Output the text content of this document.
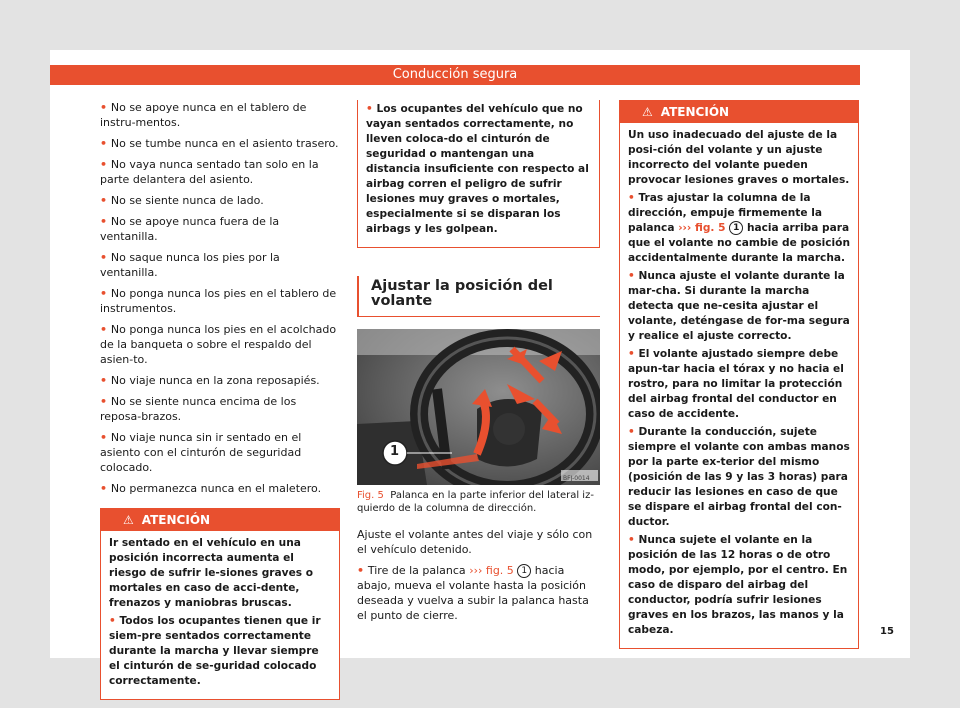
Conducción segura
• No se apoye nunca en el tablero de instru-mentos.
• No se tumbe nunca en el asiento trasero.
• No vaya nunca sentado tan solo en la parte delantera del asiento.
• No se siente nunca de lado.
• No se apoye nunca fuera de la ventanilla.
• No saque nunca los pies por la ventanilla.
• No ponga nunca los pies en el tablero de instrumentos.
• No ponga nunca los pies en el acolchado de la banqueta o sobre el respaldo del asien-to.
• No viaje nunca en la zona reposapiés.
• No se siente nunca encima de los reposa-brazos.
• No viaje nunca sin ir sentado en el asiento con el cinturón de seguridad colocado.
• No permanezca nunca en el maletero.
⚠ ATENCIÓN

Ir sentado en el vehículo en una posición incorrecta aumenta el riesgo de sufrir le-siones graves o mortales en caso de acci-dente, frenazos y maniobras bruscas.

• Todos los ocupantes tienen que ir siem-pre sentados correctamente durante la marcha y llevar siempre el cinturón de se-guridad colocado correctamente.

• Los ocupantes del vehículo que no vayan sentados correctamente, no lleven coloca-do el cinturón de seguridad o mantengan una distancia insuficiente con respecto al airbag corren el peligro de sufrir lesiones muy graves o mortales, especialmente si se disparan los airbags y les golpean.

Ajustar la posición del volante
1
BFJ-0014
Fig. 5 Palanca en la parte inferior del lateral iz-quierdo de la columna de dirección.

Ajuste el volante antes del viaje y sólo con el vehículo detenido.

• Tire de la palanca ››› fig. 5 1 hacia abajo, mueva el volante hasta la posición deseada y vuelva a subir la palanca hasta el punto de cierre.
⚠ ATENCIÓN

Un uso inadecuado del ajuste de la posi-ción del volante y un ajuste incorrecto del volante pueden provocar lesiones graves o mortales.

• Tras ajustar la columna de la dirección, empuje firmemente la palanca ››› fig. 5 1 hacia arriba para que el volante no cambie de posición accidentalmente durante la marcha.

• Nunca ajuste el volante durante la mar-cha. Si durante la marcha detecta que ne-cesita ajustar el volante, deténgase de for-ma segura y realice el ajuste correcto.

• El volante ajustado siempre debe apun-tar hacia el tórax y no hacia el rostro, para no limitar la protección del airbag frontal del conductor en caso de accidente.

• Durante la conducción, sujete siempre el volante con ambas manos por la parte ex-terior del mismo (posición de las 9 y las 3 horas) para reducir las lesiones en caso de que se dispare el airbag frontal del con-ductor.

• Nunca sujete el volante en la posición de las 12 horas o de otro modo, por ejemplo, por el centro. En caso de disparo del airbag del conductor, podría sufrir lesiones graves en los brazos, las manos y la cabeza.	15
